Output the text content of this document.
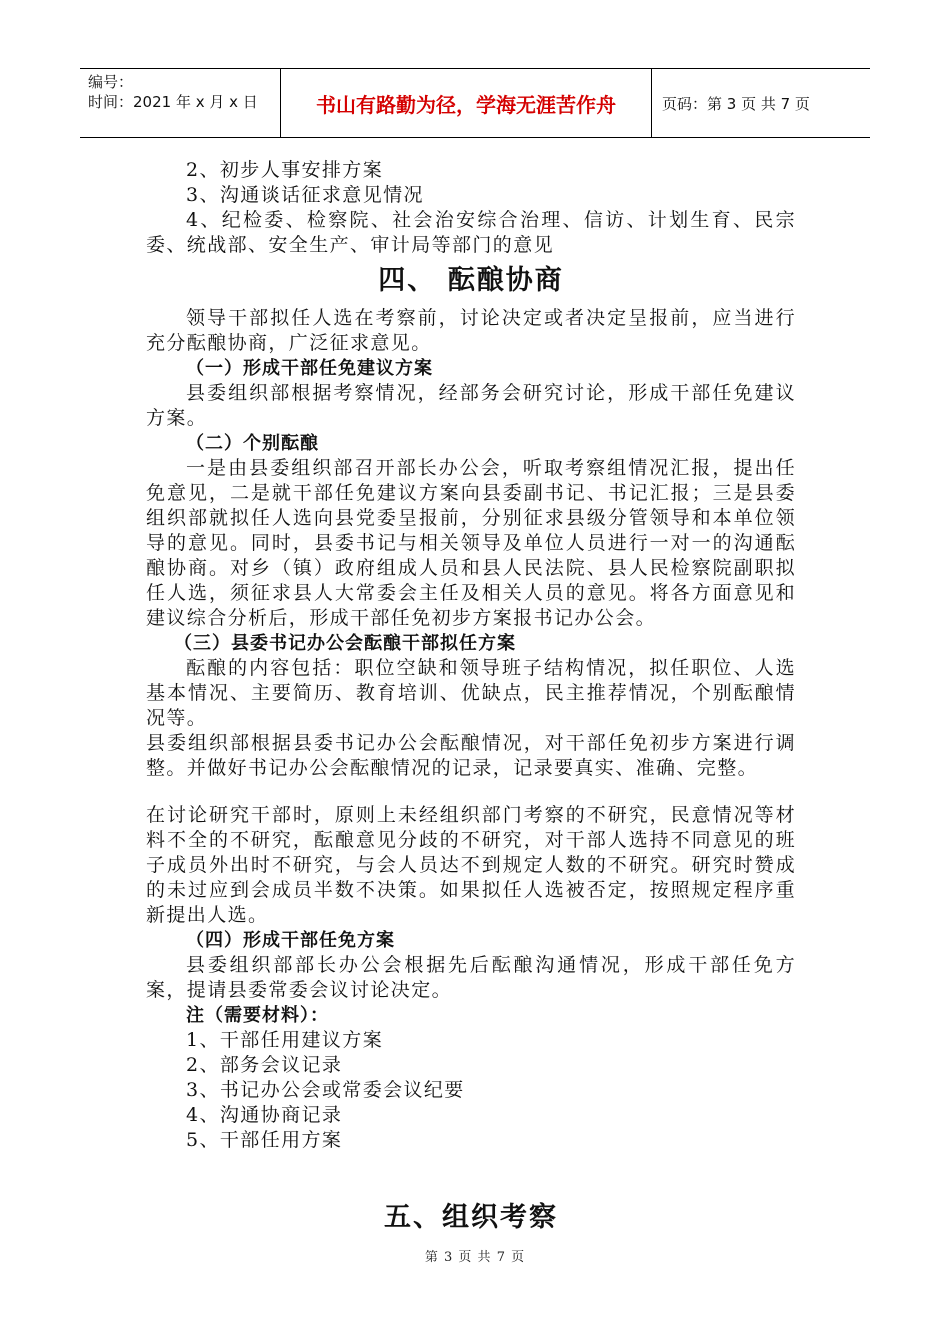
编号：
时间：2021 年 x 月 x 日	书山有路勤为径，学海无涯苦作舟	页码：第 3 页 共 7 页

2、初步人事安排方案

3、沟通谈话征求意见情况

4、纪检委、检察院、社会治安综合治理、信访、计划生育、民宗委、统战部、安全生产、审计局等部门的意见

四、 酝酿协商

领导干部拟任人选在考察前，讨论决定或者决定呈报前，应当进行充分酝酿协商，广泛征求意见。

（一）形成干部任免建议方案

县委组织部根据考察情况，经部务会研究讨论，形成干部任免建议方案。

（二）个别酝酿

一是由县委组织部召开部长办公会，听取考察组情况汇报，提出任免意见，二是就干部任免建议方案向县委副书记、书记汇报；三是县委组织部就拟任人选向县党委呈报前，分别征求县级分管领导和本单位领导的意见。同时，县委书记与相关领导及单位人员进行一对一的沟通酝酿协商。对乡（镇）政府组成人员和县人民法院、县人民检察院副职拟任人选，须征求县人大常委会主任及相关人员的意见。将各方面意见和建议综合分析后，形成干部任免初步方案报书记办公会。

（三）县委书记办公会酝酿干部拟任方案

酝酿的内容包括：职位空缺和领导班子结构情况，拟任职位、人选基本情况、主要简历、教育培训、优缺点，民主推荐情况，个别酝酿情况等。

县委组织部根据县委书记办公会酝酿情况，对干部任免初步方案进行调整。并做好书记办公会酝酿情况的记录，记录要真实、准确、完整。

在讨论研究干部时，原则上未经组织部门考察的不研究，民意情况等材料不全的不研究，酝酿意见分歧的不研究，对干部人选持不同意见的班子成员外出时不研究，与会人员达不到规定人数的不研究。研究时赞成的未过应到会成员半数不决策。如果拟任人选被否定，按照规定程序重新提出人选。

（四）形成干部任免方案

县委组织部部长办公会根据先后酝酿沟通情况，形成干部任免方案，提请县委常委会议讨论决定。

注（需要材料）：

1、干部任用建议方案

2、部务会议记录

3、书记办公会或常委会议纪要

4、沟通协商记录

5、干部任用方案

五、组织考察
第 3 页 共 7 页
